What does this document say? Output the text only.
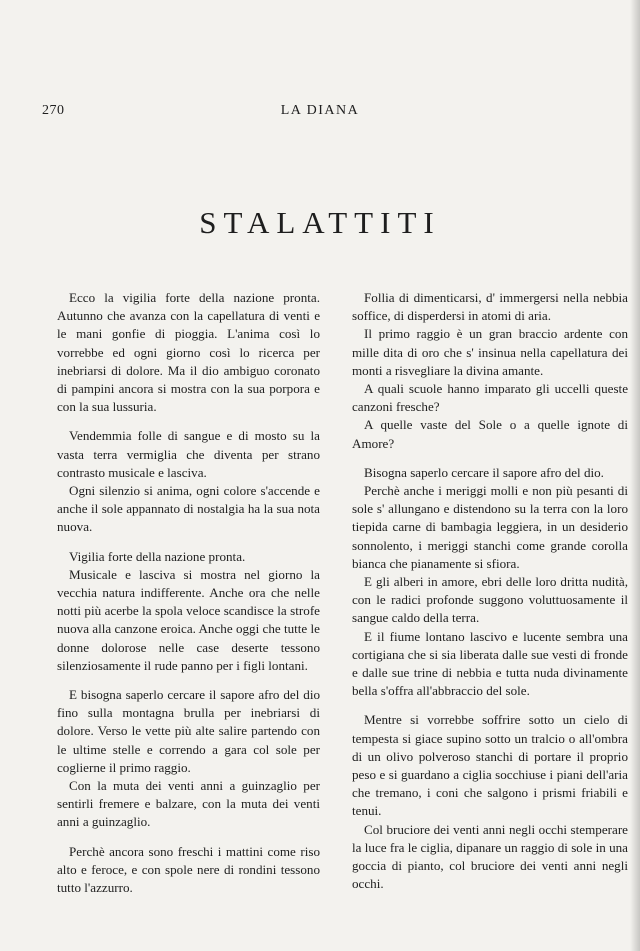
270	LA DIANA
STALATTITI

Ecco la vigilia forte della nazione pronta. Autunno che avanza con la capellatura di venti e le mani gonfie di pioggia. L'anima così lo vorrebbe ed ogni giorno così lo ricerca per inebriarsi di dolore. Ma il dio ambiguo coronato di pampini ancora si mostra con la sua porpora e con la sua lussuria.

Vendemmia folle di sangue e di mosto su la vasta terra vermiglia che diventa per strano contrasto musicale e lasciva.

Ogni silenzio si anima, ogni colore s'accende e anche il sole appannato di nostalgia ha la sua nota nuova.

Vigilia forte della nazione pronta.

Musicale e lasciva si mostra nel giorno la vecchia natura indifferente. Anche ora che nelle notti più acerbe la spola veloce scandisce la strofe nuova alla canzone eroica. Anche oggi che tutte le donne dolorose nelle case deserte tessono silenziosamente il rude panno per i figli lontani.

E bisogna saperlo cercare il sapore afro del dio fino sulla montagna brulla per inebriarsi di dolore. Verso le vette più alte salire partendo con le ultime stelle e correndo a gara col sole per coglierne il primo raggio.

Con la muta dei venti anni a guinzaglio per sentirli fremere e balzare, con la muta dei venti anni a guinzaglio.

Perchè ancora sono freschi i mattini come riso alto e feroce, e con spole nere di rondini tessono tutto l'azzurro.

Follia di dimenticarsi, d' immergersi nella nebbia soffice, di disperdersi in atomi di aria.

Il primo raggio è un gran braccio ardente con mille dita di oro che s' insinua nella capellatura dei monti a risvegliare la divina amante.

A quali scuole hanno imparato gli uccelli queste canzoni fresche?

A quelle vaste del Sole o a quelle ignote di Amore?

Bisogna saperlo cercare il sapore afro del dio.

Perchè anche i meriggi molli e non più pesanti di sole s' allungano e distendono su la terra con la loro tiepida carne di bambagia leggiera, in un desiderio sonnolento, i meriggi stanchi come grande corolla bianca che pianamente si sfiora.

E gli alberi in amore, ebri delle loro dritta nudità, con le radici profonde suggono voluttuosamente il sangue caldo della terra.

E il fiume lontano lascivo e lucente sembra una cortigiana che si sia liberata dalle sue vesti di fronde e dalle sue trine di nebbia e tutta nuda divinamente bella s'offra all'abbraccio del sole.

Mentre si vorrebbe soffrire sotto un cielo di tempesta si giace supino sotto un tralcio o all'ombra di un olivo polveroso stanchi di portare il proprio peso e si guardano a ciglia socchiuse i piani dell'aria che tremano, i coni che salgono i prismi friabili e tenui.

Col bruciore dei venti anni negli occhi stemperare la luce fra le ciglia, dipanare un raggio di sole in una goccia di pianto, col bruciore dei venti anni negli occhi.
